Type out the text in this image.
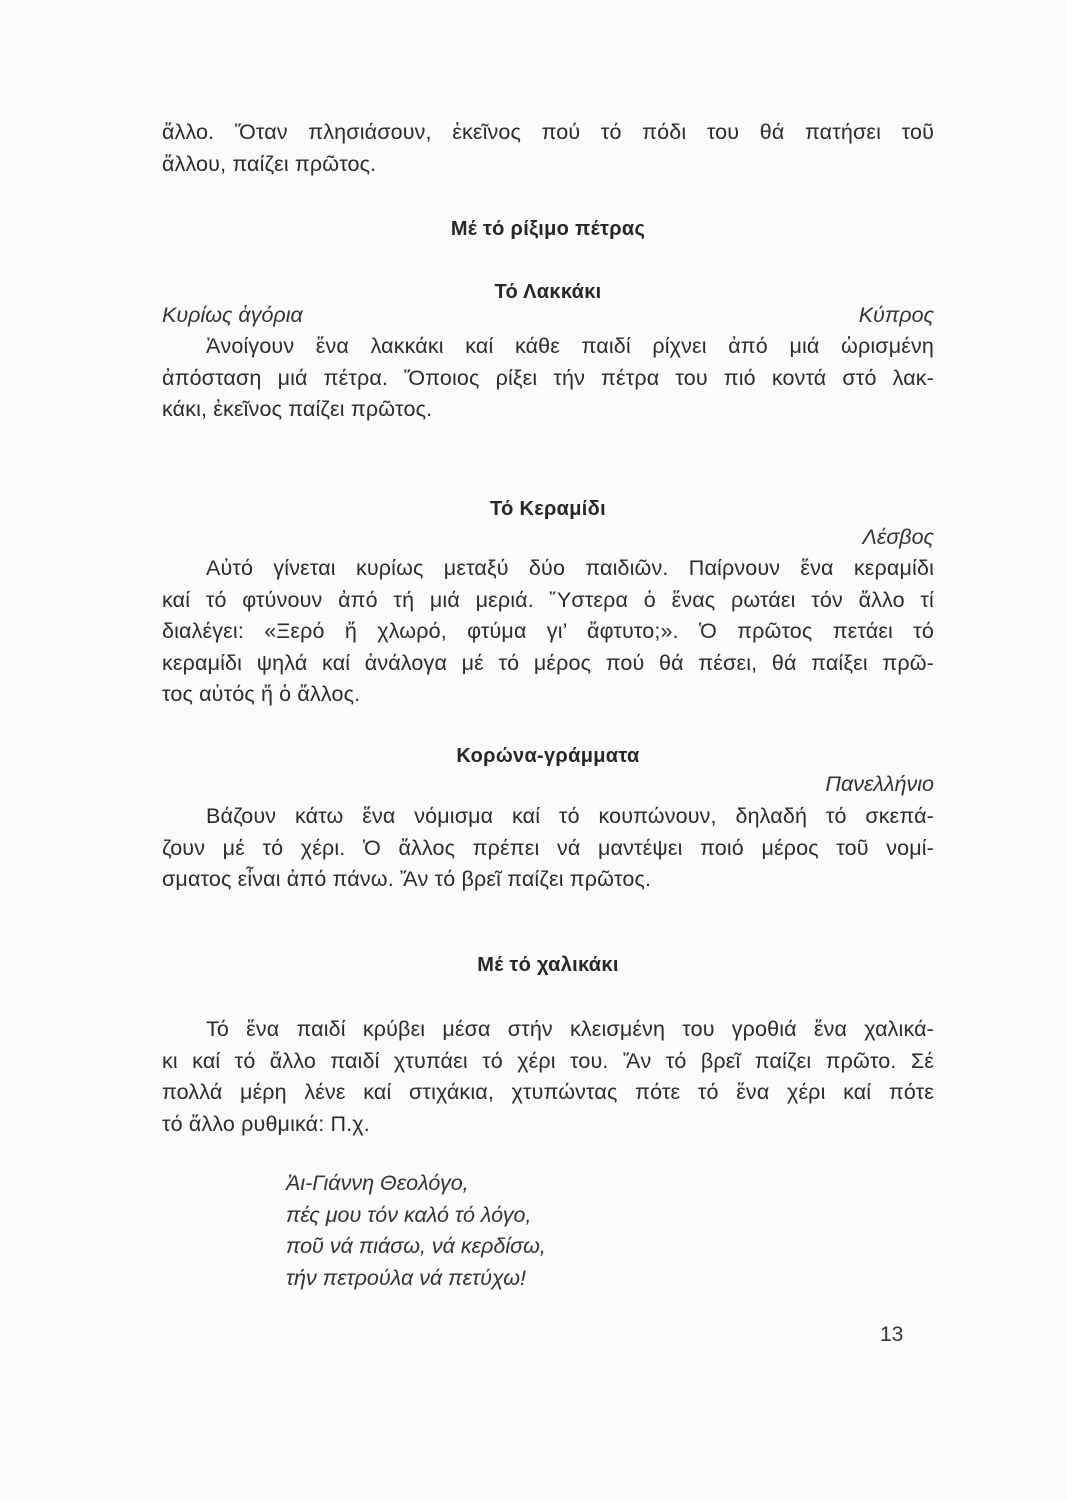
ἄλλο. Ὅταν πλησιάσουν, ἐκεῖνος πού τό πόδι του θά πατήσει τοῦ
ἄλλου, παίζει πρῶτος.
Μέ τό ρίξιμο πέτρας
Τό Λακκάκι
Κυρίως ἀγόρια	Κύπρος
Ἀνοίγουν ἕνα λακκάκι καί κάθε παιδί ρίχνει ἀπό μιά ὡρισμένη
ἀπόσταση μιά πέτρα. Ὅποιος ρίξει τήν πέτρα του πιό κοντά στό λακ-
κάκι, ἐκεῖνος παίζει πρῶτος.
Τό Κεραμίδι
Λέσβος
Αὐτό γίνεται κυρίως μεταξύ δύο παιδιῶν. Παίρνουν ἕνα κεραμίδι
καί τό φτύνουν ἀπό τή μιά μεριά. Ὕστερα ὁ ἕνας ρωτάει τόν ἄλλο τί
διαλέγει: «Ξερό ἤ χλωρό, φτύμα γι’ ἄφτυτο;». Ὁ πρῶτος πετάει τό
κεραμίδι ψηλά καί ἀνάλογα μέ τό μέρος πού θά πέσει, θά παίξει πρῶ-
τος αὐτός ἤ ὁ ἄλλος.
Κορώνα-γράμματα
Πανελλήνιο
Βάζουν κάτω ἕνα νόμισμα καί τό κουπώνουν, δηλαδή τό σκεπά-
ζουν μέ τό χέρι. Ὁ ἄλλος πρέπει νά μαντέψει ποιό μέρος τοῦ νομί-
σματος εἶναι ἀπό πάνω. Ἄν τό βρεῖ παίζει πρῶτος.
Μέ τό χαλικάκι
Τό ἕνα παιδί κρύβει μέσα στήν κλεισμένη του γροθιά ἕνα χαλικά-
κι καί τό ἄλλο παιδί χτυπάει τό χέρι του. Ἄν τό βρεῖ παίζει πρῶτο. Σέ
πολλά μέρη λένε καί στιχάκια, χτυπώντας πότε τό ἕνα χέρι καί πότε
τό ἄλλο ρυθμικά: Π.χ.
Ἀι-Γιάννη Θεολόγο,
πές μου τόν καλό τό λόγο,
ποῦ νά πιάσω, νά κερδίσω,
τήν πετρούλα νά πετύχω!
13
